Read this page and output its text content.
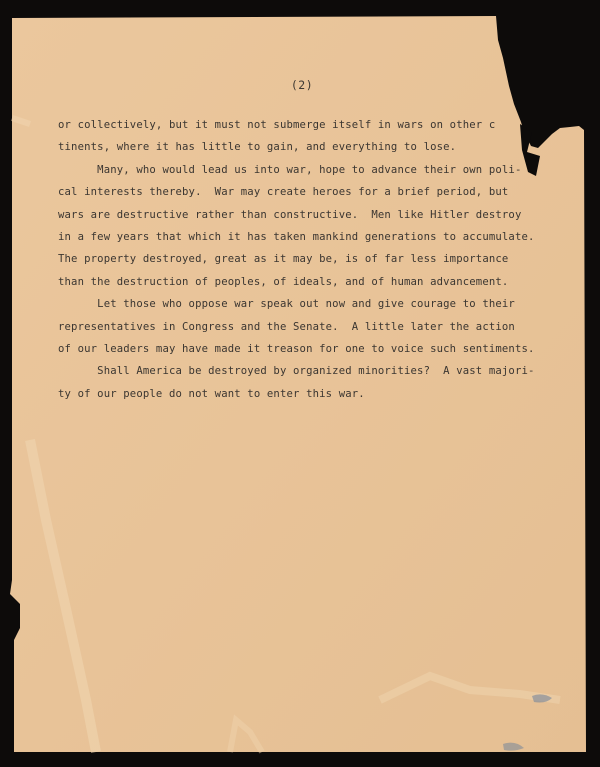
(2)
or collectively, but it must not submerge itself in wars on other c
tinents, where it has little to gain, and everything to lose.
Many, who would lead us into war, hope to advance their own poli-
cal interests thereby.  War may create heroes for a brief period, but
wars are destructive rather than constructive.  Men like Hitler destroy
in a few years that which it has taken mankind generations to accumulate.
The property destroyed, great as it may be, is of far less importance
than the destruction of peoples, of ideals, and of human advancement.
Let those who oppose war speak out now and give courage to their
representatives in Congress and the Senate.  A little later the action
of our leaders may have made it treason for one to voice such sentiments.
Shall America be destroyed by organized minorities?  A vast majori-
ty of our people do not want to enter this war.
